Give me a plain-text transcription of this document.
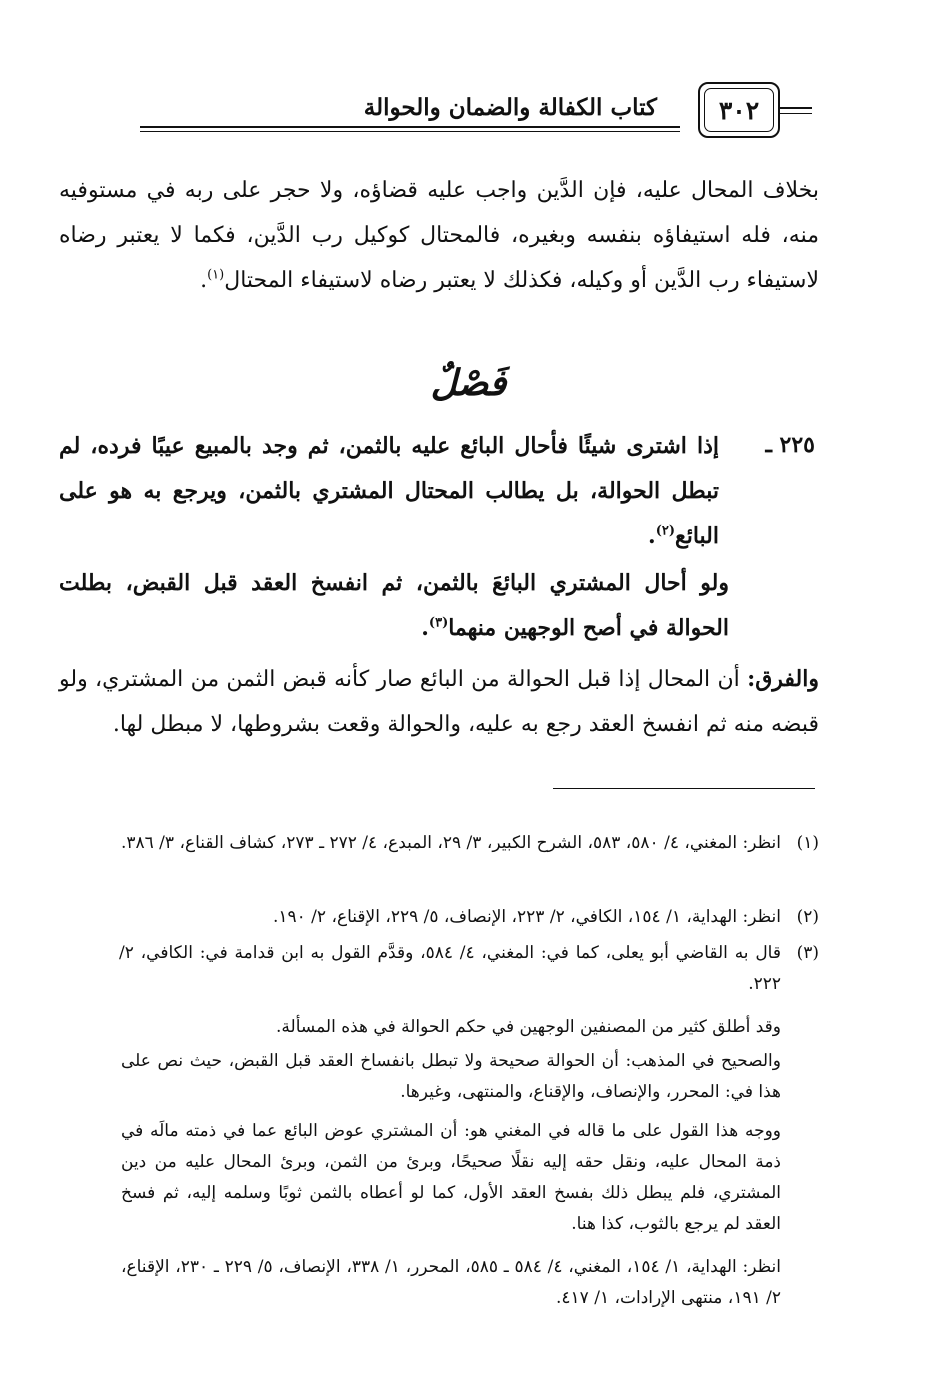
كتاب الكفالة والضمان والحوالة ٣٠٢
بخلاف المحال عليه، فإن الدَّين واجب عليه قضاؤه، ولا حجر على ربه في مستوفيه منه، فله استيفاؤه بنفسه وبغيره، فالمحتال كوكيل رب الدَّين، فكما لا يعتبر رضاه لاستيفاء رب الدَّين أو وكيله، فكذلك لا يعتبر رضاه لاستيفاء المحتال$^{(١)}$.
فَصْلٌ
٢٢٥ ـ
إذا اشترى شيئًا فأحال البائع عليه بالثمن، ثم وجد بالمبيع عيبًا فرده، لم تبطل الحوالة، بل يطالب المحتال المشتري بالثمن، ويرجع به هو على البائع$^{(٢)}$.
ولو أحال المشتري البائعَ بالثمن، ثم انفسخ العقد قبل القبض، بطلت الحوالة في أصح الوجهين منهما$^{(٣)}$.
والفرق: أن المحال إذا قبل الحوالة من البائع صار كأنه قبض الثمن من المشتري، ولو قبضه منه ثم انفسخ العقد رجع به عليه، والحوالة وقعت بشروطها، لا مبطل لها.
(١)
انظر: المغني، ٤/ ٥٨٠، ٥٨٣، الشرح الكبير، ٣/ ٢٩، المبدع، ٤/ ٢٧٢ ـ ٢٧٣، كشاف القناع، ٣/ ٣٨٦.
(٢)
انظر: الهداية، ١/ ١٥٤، الكافي، ٢/ ٢٢٣، الإنصاف، ٥/ ٢٢٩، الإقناع، ٢/ ١٩٠.
(٣)
قال به القاضي أبو يعلى، كما في: المغني، ٤/ ٥٨٤، وقدَّم القول به ابن قدامة في: الكافي، ٢/ ٢٢٢.
وقد أطلق كثير من المصنفين الوجهين في حكم الحوالة في هذه المسألة.
والصحيح في المذهب: أن الحوالة صحيحة ولا تبطل بانفساخ العقد قبل القبض، حيث نص على هذا في: المحرر، والإنصاف، والإقناع، والمنتهى، وغيرها.
ووجه هذا القول على ما قاله في المغني هو: أن المشتري عوض البائع عما في ذمته مالَه في ذمة المحال عليه، ونقل حقه إليه نقلًا صحيحًا، وبرئ من الثمن، وبرئ المحال عليه من دين المشتري، فلم يبطل ذلك بفسخ العقد الأول، كما لو أعطاه بالثمن ثوبًا وسلمه إليه، ثم فسخ العقد لم يرجع بالثوب، كذا هنا.
انظر: الهداية، ١/ ١٥٤، المغني، ٤/ ٥٨٤ ـ ٥٨٥، المحرر، ١/ ٣٣٨، الإنصاف، ٥/ ٢٢٩ ـ ٢٣٠، الإقناع، ٢/ ١٩١، منتهى الإرادات، ١/ ٤١٧.
